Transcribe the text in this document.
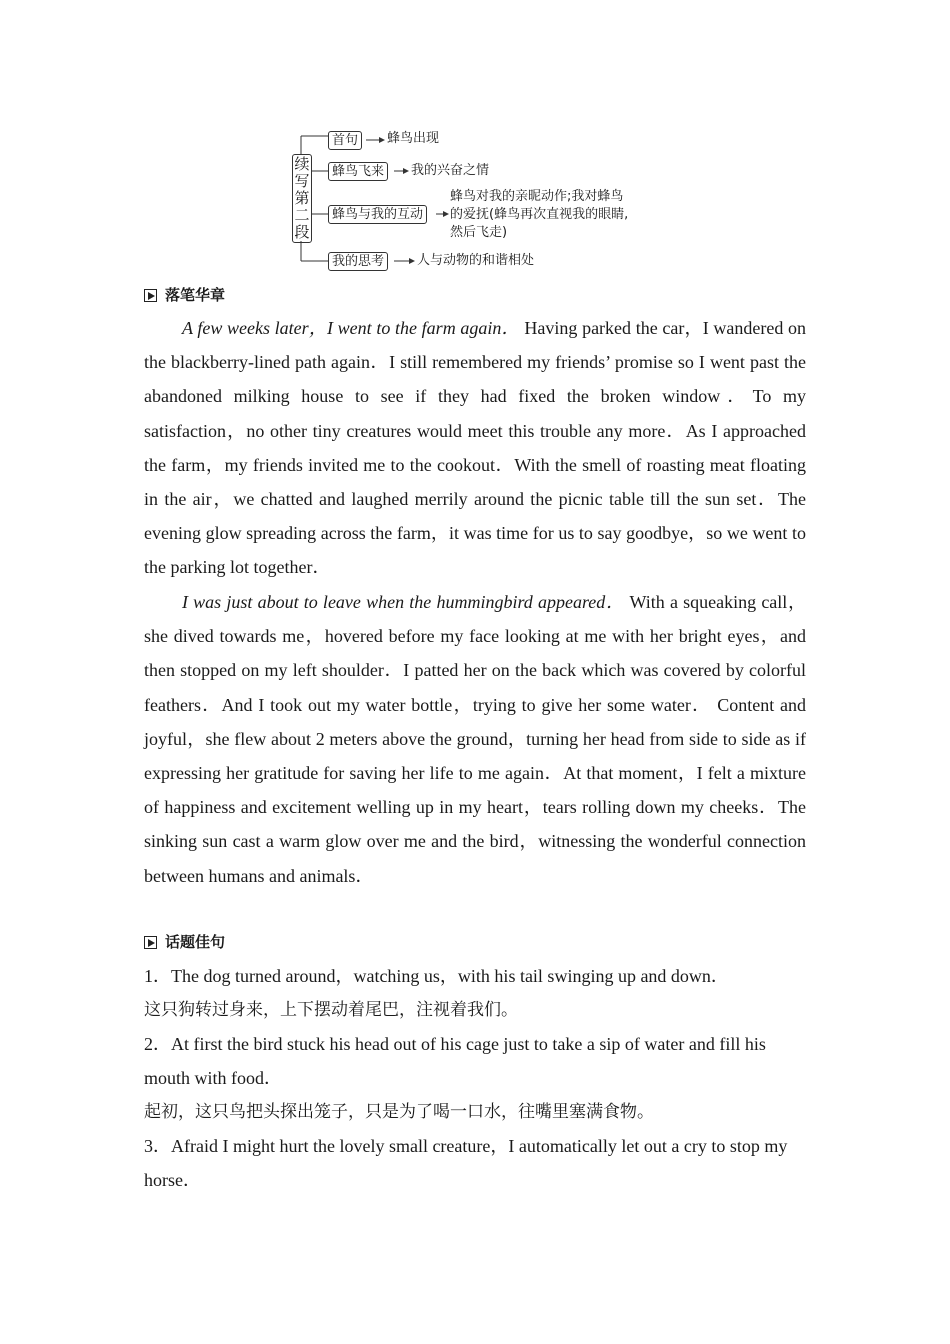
续写第二段
首句	蜂鸟出现
蜂鸟飞来	我的兴奋之情
蜂鸟与我的互动
蜂鸟对我的亲昵动作;我对蜂鸟
的爱抚(蜂鸟再次直视我的眼睛,
然后飞走)
我的思考	人与动物的和谐相处
落笔华章

A few weeks later，I went to the farm again． Having parked the car，I wandered on the blackberry-lined path again．I still remembered my friends’ promise so I went past the abandoned milking house to see if they had fixed the broken window．To my satisfaction，no other tiny creatures would meet this trouble any more．As I approached the farm，my friends invited me to the cookout．With the smell of roasting meat floating in the air，we chatted and laughed merrily around the picnic table till the sun set．The evening glow spreading across the farm，it was time for us to say goodbye，so we went to the parking lot together．

I was just about to leave when the hummingbird appeared． With a squeaking call，she dived towards me，hovered before my face looking at me with her bright eyes，and then stopped on my left shoulder．I patted her on the back which was covered by colorful feathers．And I took out my water bottle，trying to give her some water． Content and joyful，she flew about 2 meters above the ground，turning her head from side to side as if expressing her gratitude for saving her life to me again．At that moment，I felt a mixture of happiness and excitement welling up in my heart，tears rolling down my cheeks．The sinking sun cast a warm glow over me and the bird，witnessing the wonderful connection between humans and animals．

话题佳句

1．The dog turned around，watching us，with his tail swinging up and down．

这只狗转过身来，上下摆动着尾巴，注视着我们。

2．At first the bird stuck his head out of his cage just to take a sip of water and fill his mouth with food．

起初，这只鸟把头探出笼子，只是为了喝一口水，往嘴里塞满食物。

3．Afraid I might hurt the lovely small creature，I automatically let out a cry to stop my horse．
